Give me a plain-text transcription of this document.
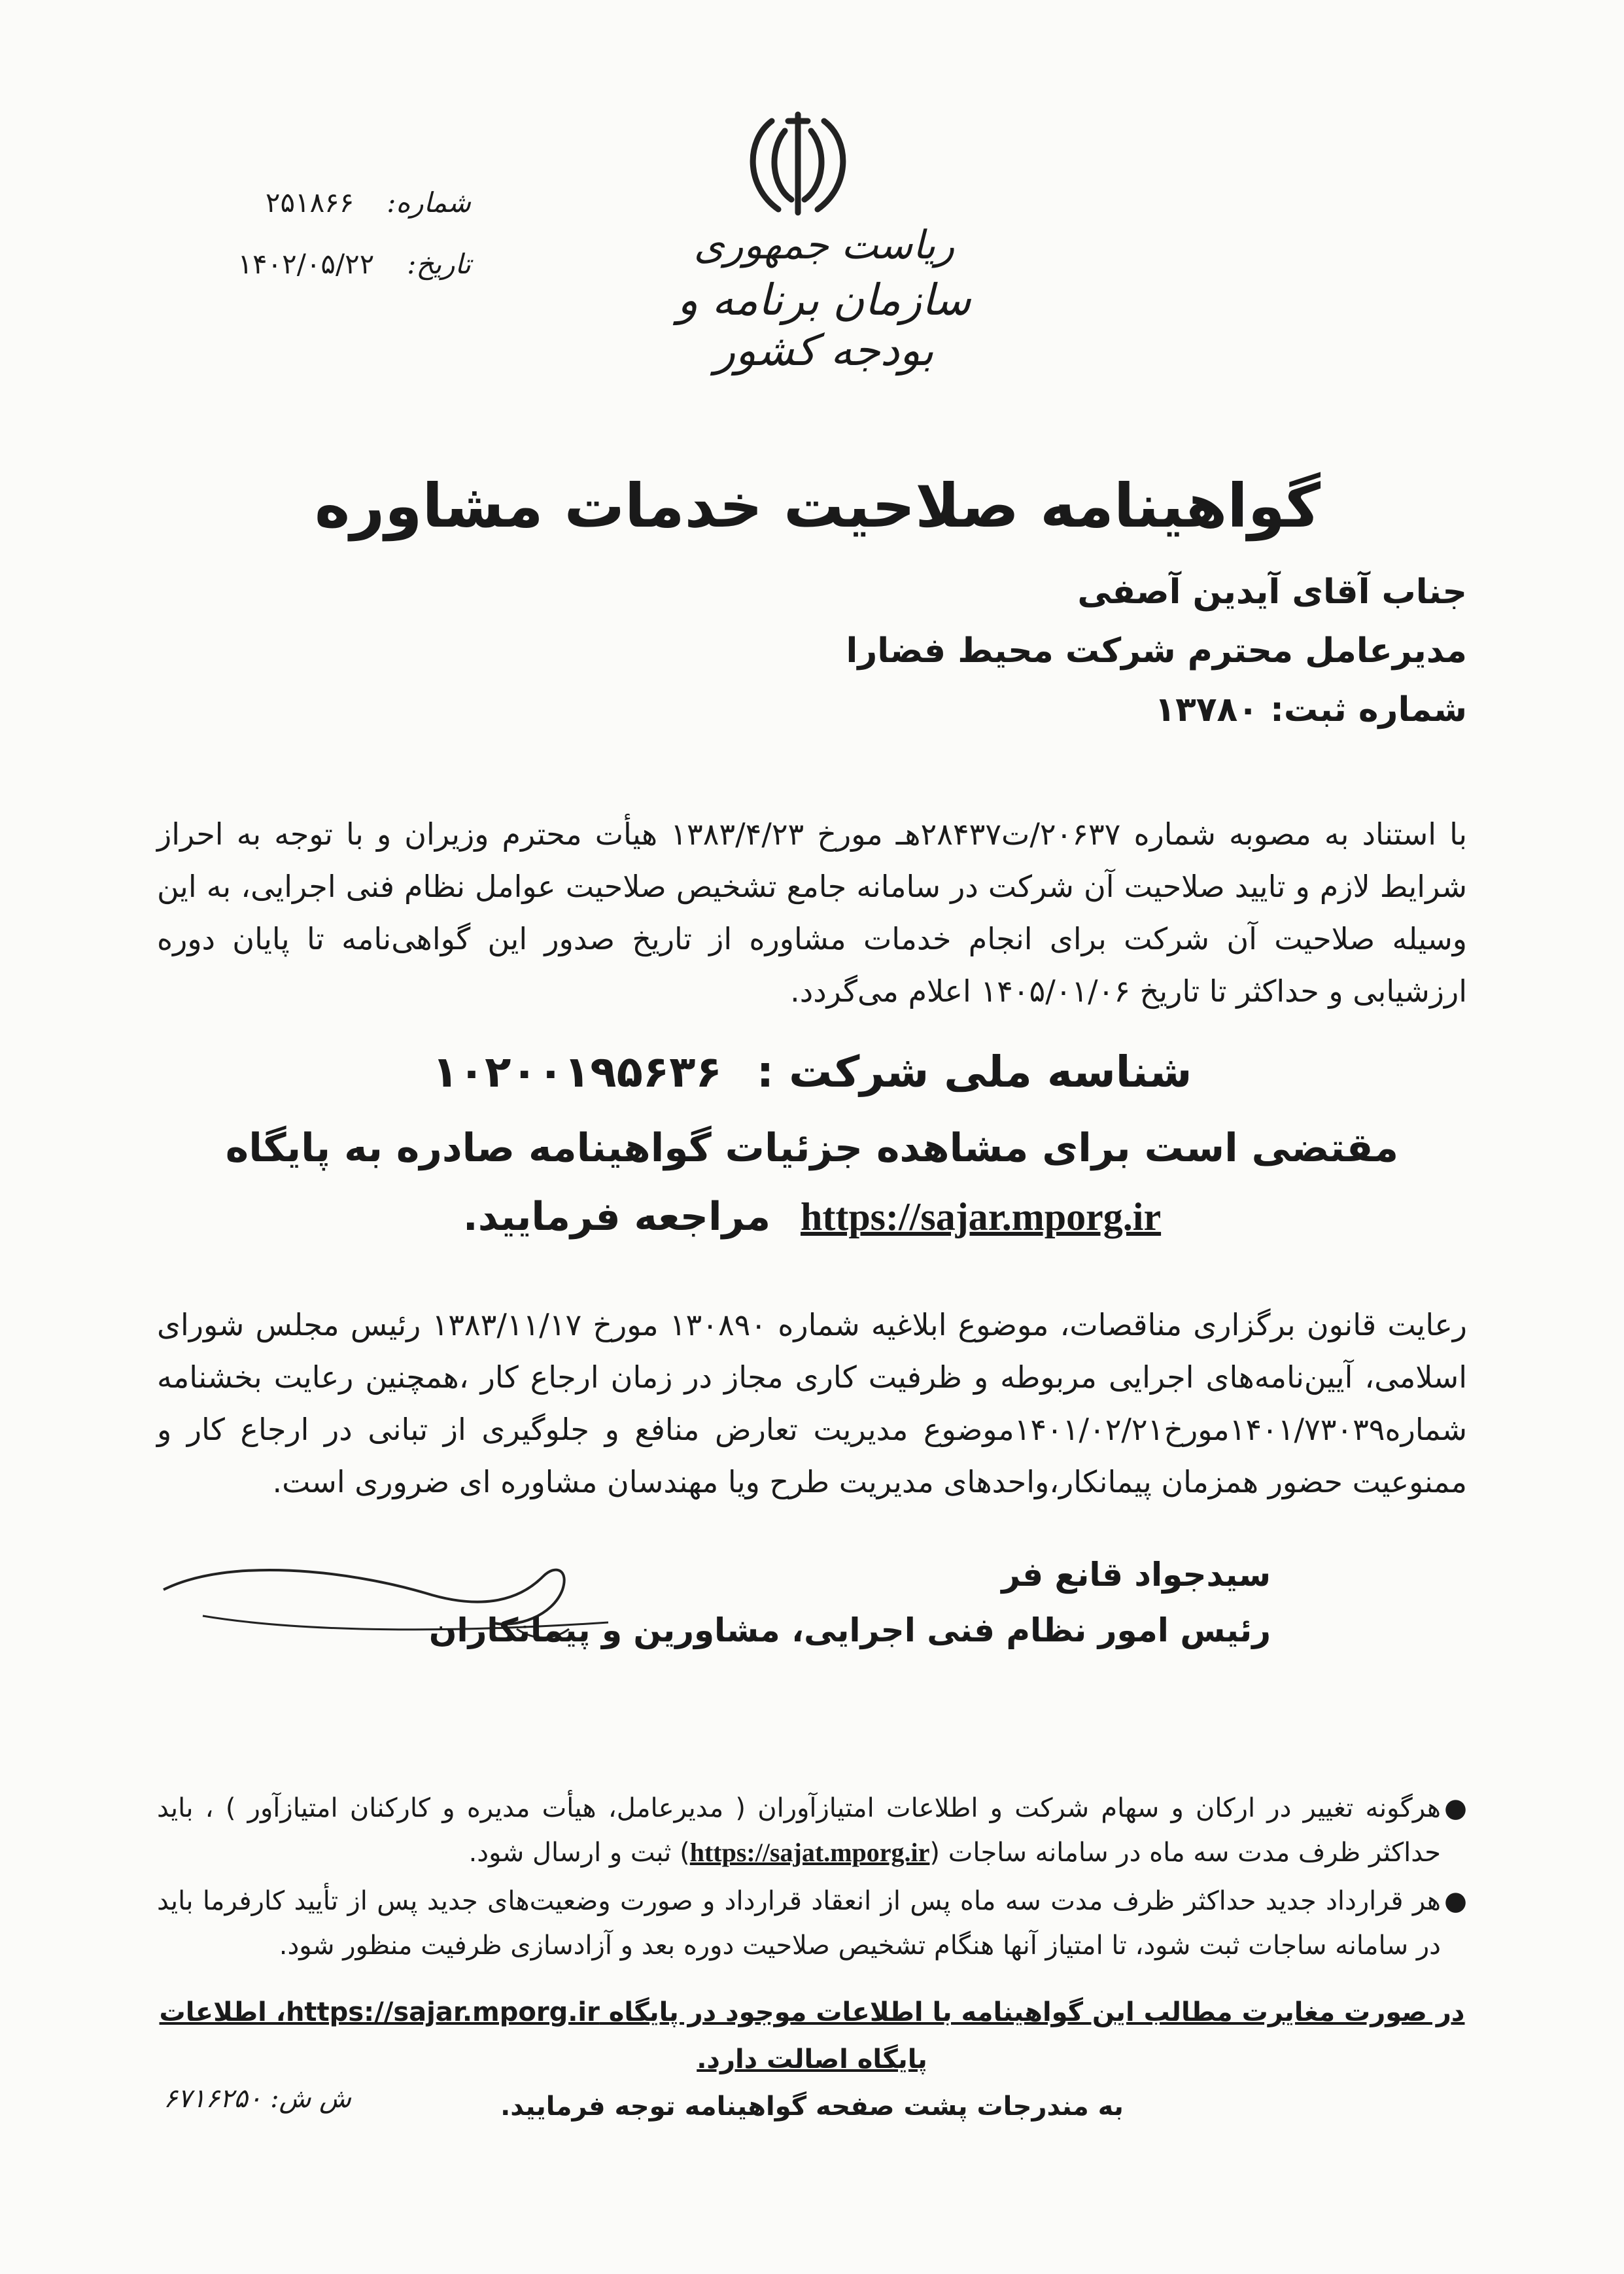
ریاست جمهوری
سازمان برنامه و بودجه کشور
شماره:
۲۵۱۸۶۶
تاریخ:
۱۴۰۲/۰۵/۲۲
گواهینامه صلاحیت خدمات مشاوره
جناب آقای آیدین آصفی
مدیرعامل محترم شرکت محیط فضارا
شماره ثبت: ۱۳۷۸۰
با استناد به مصوبه شماره ۲۰۶۳۷/ت۲۸۴۳۷هـ مورخ ۱۳۸۳/۴/۲۳ هیأت محترم وزیران و با توجه به احراز شرایط لازم و تایید صلاحیت آن شرکت در سامانه جامع تشخیص صلاحیت عوامل نظام فنی اجرایی، به این وسیله صلاحیت آن شرکت برای انجام خدمات مشاوره از تاریخ صدور این گواهی‌نامه تا پایان دوره ارزشیابی و حداکثر تا تاریخ ۱۴۰۵/۰۱/۰۶ اعلام می‌گردد.
شناسه ملی شرکت : ۱۰۲۰۰۱۹۵۶۳۶
مقتضی است برای مشاهده جزئیات گواهینامه صادره به پایگاه
https://sajar.mporg.ir مراجعه فرمایید.
رعایت قانون برگزاری مناقصات، موضوع ابلاغیه شماره ۱۳۰۸۹۰ مورخ ۱۳۸۳/۱۱/۱۷ رئیس مجلس شورای اسلامی، آیین‌نامه‌های اجرایی مربوطه و ظرفیت کاری مجاز در زمان ارجاع کار ،همچنین رعایت بخشنامه شماره۱۴۰۱/۷۳۰۳۹مورخ۱۴۰۱/۰۲/۲۱موضوع مدیریت تعارض منافع و جلوگیری از تبانی در ارجاع کار و ممنوعیت حضور همزمان پیمانکار،واحدهای مدیریت طرح ویا مهندسان مشاوره ای ضروری است.
سیدجواد قانع فر
رئیس امور نظام فنی اجرایی، مشاورین و پیمانکاران
●
هرگونه تغییر در ارکان و سهام شرکت و اطلاعات امتیازآوران ( مدیرعامل، هیأت مدیره و کارکنان امتیازآور ) ، باید حداکثر ظرف مدت سه ماه در سامانه ساجات (https://sajat.mporg.ir) ثبت و ارسال شود.
●
هر قرارداد جدید حداکثر ظرف مدت سه ماه پس از انعقاد قرارداد و صورت وضعیت‌های جدید پس از تأیید کارفرما باید در سامانه ساجات ثبت شود، تا امتیاز آنها هنگام تشخیص صلاحیت دوره بعد و آزادسازی ظرفیت منظور شود.
در صورت مغایرت مطالب این گواهینامه با اطلاعات موجود در پایگاه https://sajar.mporg.ir، اطلاعات پایگاه اصالت دارد.
به مندرجات پشت صفحه گواهینامه توجه فرمایید.
ش ش: ۶۷۱۶۲۵۰
